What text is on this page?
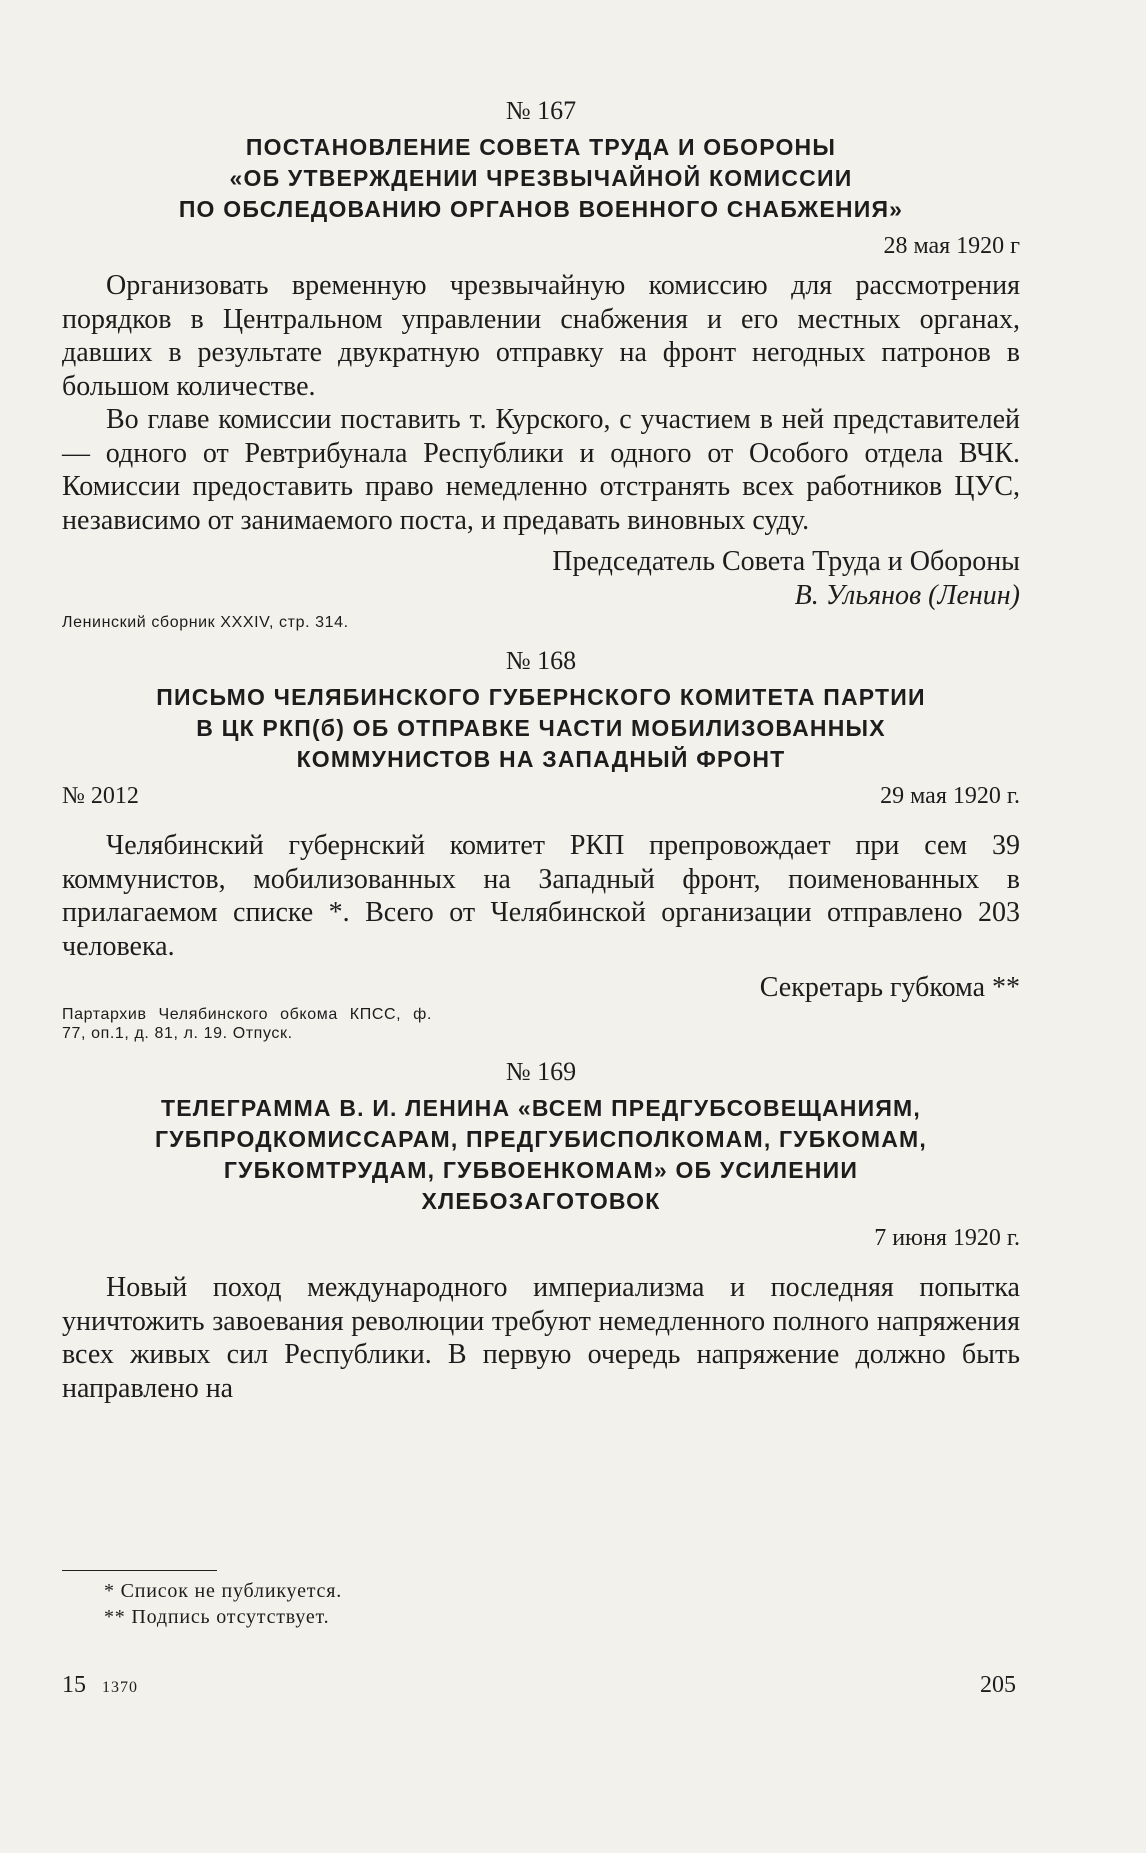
№ 167
ПОСТАНОВЛЕНИЕ СОВЕТА ТРУДА И ОБОРОНЫ
«ОБ УТВЕРЖДЕНИИ ЧРЕЗВЫЧАЙНОЙ КОМИССИИ
ПО ОБСЛЕДОВАНИЮ ОРГАНОВ ВОЕННОГО СНАБЖЕНИЯ»
28 мая 1920 г

Организовать временную чрезвычайную комиссию для рассмотрения порядков в Центральном управлении снабжения и его местных органах, давших в результате двукратную отправку на фронт негодных патронов в большом количестве.

Во главе комиссии поставить т. Курского, с участием в ней представителей — одного от Ревтрибунала Республики и одного от Особого отдела ВЧК. Комиссии предоставить право немедленно отстранять всех работников ЦУС, независимо от занимаемого поста, и предавать виновных суду.

Председатель Совета Труда и Обороны
В. Ульянов (Ленин)

Ленинский сборник XXXIV, стр. 314.

№ 168
ПИСЬМО ЧЕЛЯБИНСКОГО ГУБЕРНСКОГО КОМИТЕТА ПАРТИИ
В ЦК РКП(б) ОБ ОТПРАВКЕ ЧАСТИ МОБИЛИЗОВАННЫХ
КОММУНИСТОВ НА ЗАПАДНЫЙ ФРОНТ
№ 2012	29 мая 1920 г.

Челябинский губернский комитет РКП препровождает при сем 39 коммунистов, мобилизованных на Западный фронт, поименованных в прилагаемом списке *. Всего от Челябинской организации отправлено 203 человека.

Секретарь губкома **

Партархив Челябинского обкома КПСС, ф. 77, оп.1, д. 81, л. 19. Отпуск.

№ 169
ТЕЛЕГРАММА В. И. ЛЕНИНА «ВСЕМ ПРЕДГУБСОВЕЩАНИЯМ,
ГУБПРОДКОМИССАРАМ, ПРЕДГУБИСПОЛКОМАМ, ГУБКОМАМ,
ГУБКОМТРУДАМ, ГУБВОЕНКОМАМ» ОБ УСИЛЕНИИ
ХЛЕБОЗАГОТОВОК
7 июня 1920 г.

Новый поход международного империализма и последняя попытка уничтожить завоевания революции требуют немедленного полного напряжения всех живых сил Республики. В первую очередь напряжение должно быть направлено на

* Список не публикуется.
** Подпись отсутствует.
15 1370	205
